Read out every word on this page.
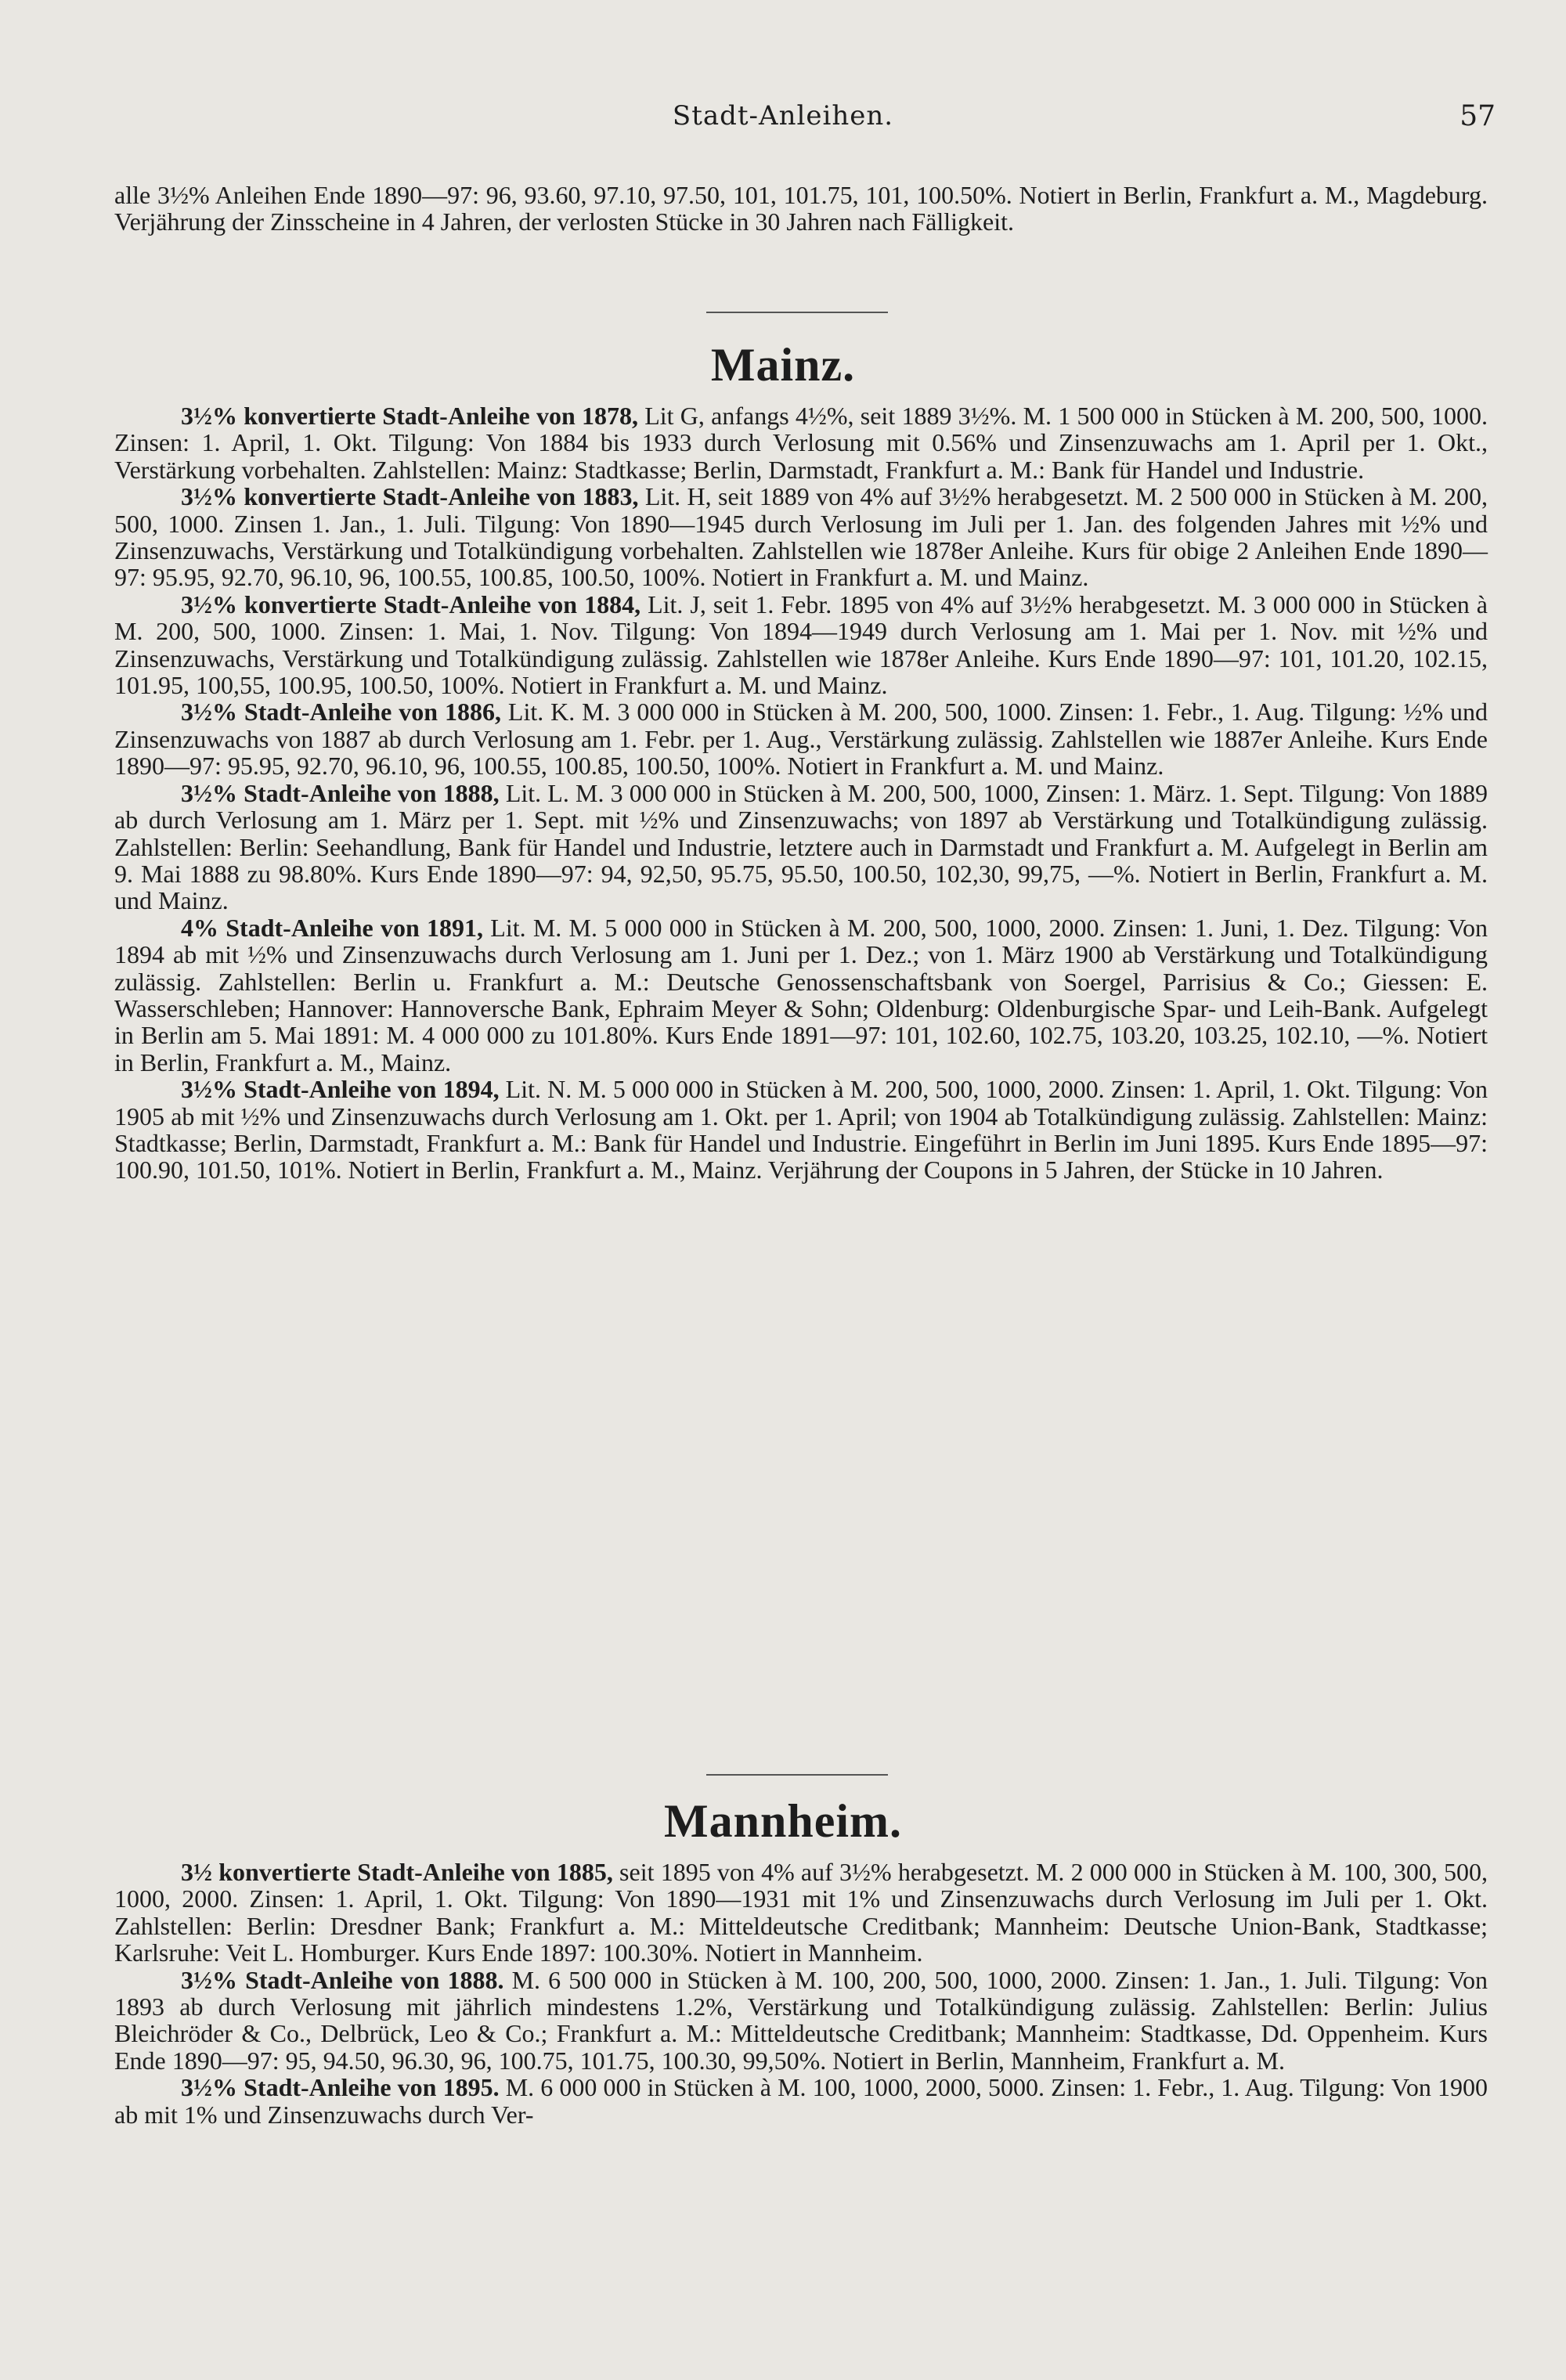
Stadt-Anleihen.	57

alle 3½% Anleihen Ende 1890—97: 96, 93.60, 97.10, 97.50, 101, 101.75, 101, 100.50%. Notiert in Berlin, Frankfurt a. M., Magdeburg. Verjährung der Zinsscheine in 4 Jahren, der verlosten Stücke in 30 Jahren nach Fälligkeit.

Mainz.

3½% konvertierte Stadt-Anleihe von 1878, Lit G, anfangs 4½%, seit 1889 3½%. M. 1 500 000 in Stücken à M. 200, 500, 1000. Zinsen: 1. April, 1. Okt. Tilgung: Von 1884 bis 1933 durch Verlosung mit 0.56% und Zinsenzuwachs am 1. April per 1. Okt., Verstärkung vorbehalten. Zahlstellen: Mainz: Stadtkasse; Berlin, Darmstadt, Frankfurt a. M.: Bank für Handel und Industrie.

3½% konvertierte Stadt-Anleihe von 1883, Lit. H, seit 1889 von 4% auf 3½% herabgesetzt. M. 2 500 000 in Stücken à M. 200, 500, 1000. Zinsen 1. Jan., 1. Juli. Tilgung: Von 1890—1945 durch Verlosung im Juli per 1. Jan. des folgenden Jahres mit ½% und Zinsenzuwachs, Verstärkung und Totalkündigung vorbehalten. Zahlstellen wie 1878er Anleihe. Kurs für obige 2 Anleihen Ende 1890—97: 95.95, 92.70, 96.10, 96, 100.55, 100.85, 100.50, 100%. Notiert in Frankfurt a. M. und Mainz.

3½% konvertierte Stadt-Anleihe von 1884, Lit. J, seit 1. Febr. 1895 von 4% auf 3½% herabgesetzt. M. 3 000 000 in Stücken à M. 200, 500, 1000. Zinsen: 1. Mai, 1. Nov. Tilgung: Von 1894—1949 durch Verlosung am 1. Mai per 1. Nov. mit ½% und Zinsenzuwachs, Verstärkung und Totalkündigung zulässig. Zahlstellen wie 1878er Anleihe. Kurs Ende 1890—97: 101, 101.20, 102.15, 101.95, 100,55, 100.95, 100.50, 100%. Notiert in Frankfurt a. M. und Mainz.

3½% Stadt-Anleihe von 1886, Lit. K. M. 3 000 000 in Stücken à M. 200, 500, 1000. Zinsen: 1. Febr., 1. Aug. Tilgung: ½% und Zinsenzuwachs von 1887 ab durch Verlosung am 1. Febr. per 1. Aug., Verstärkung zulässig. Zahlstellen wie 1887er Anleihe. Kurs Ende 1890—97: 95.95, 92.70, 96.10, 96, 100.55, 100.85, 100.50, 100%. Notiert in Frankfurt a. M. und Mainz.

3½% Stadt-Anleihe von 1888, Lit. L. M. 3 000 000 in Stücken à M. 200, 500, 1000, Zinsen: 1. März. 1. Sept. Tilgung: Von 1889 ab durch Verlosung am 1. März per 1. Sept. mit ½% und Zinsenzuwachs; von 1897 ab Verstärkung und Totalkündigung zulässig. Zahlstellen: Berlin: Seehandlung, Bank für Handel und Industrie, letztere auch in Darmstadt und Frankfurt a. M. Aufgelegt in Berlin am 9. Mai 1888 zu 98.80%. Kurs Ende 1890—97: 94, 92,50, 95.75, 95.50, 100.50, 102,30, 99,75, —%. Notiert in Berlin, Frankfurt a. M. und Mainz.

4% Stadt-Anleihe von 1891, Lit. M. M. 5 000 000 in Stücken à M. 200, 500, 1000, 2000. Zinsen: 1. Juni, 1. Dez. Tilgung: Von 1894 ab mit ½% und Zinsenzuwachs durch Verlosung am 1. Juni per 1. Dez.; von 1. März 1900 ab Verstärkung und Totalkündigung zulässig. Zahlstellen: Berlin u. Frankfurt a. M.: Deutsche Genossenschaftsbank von Soergel, Parrisius & Co.; Giessen: E. Wasserschleben; Hannover: Hannoversche Bank, Ephraim Meyer & Sohn; Oldenburg: Oldenburgische Spar- und Leih-Bank. Aufgelegt in Berlin am 5. Mai 1891: M. 4 000 000 zu 101.80%. Kurs Ende 1891—97: 101, 102.60, 102.75, 103.20, 103.25, 102.10, —%. Notiert in Berlin, Frankfurt a. M., Mainz.

3½% Stadt-Anleihe von 1894, Lit. N. M. 5 000 000 in Stücken à M. 200, 500, 1000, 2000. Zinsen: 1. April, 1. Okt. Tilgung: Von 1905 ab mit ½% und Zinsenzuwachs durch Verlosung am 1. Okt. per 1. April; von 1904 ab Totalkündigung zulässig. Zahlstellen: Mainz: Stadtkasse; Berlin, Darmstadt, Frankfurt a. M.: Bank für Handel und Industrie. Eingeführt in Berlin im Juni 1895. Kurs Ende 1895—97: 100.90, 101.50, 101%. Notiert in Berlin, Frankfurt a. M., Mainz. Verjährung der Coupons in 5 Jahren, der Stücke in 10 Jahren.

Mannheim.

3½ konvertierte Stadt-Anleihe von 1885, seit 1895 von 4% auf 3½% herabgesetzt. M. 2 000 000 in Stücken à M. 100, 300, 500, 1000, 2000. Zinsen: 1. April, 1. Okt. Tilgung: Von 1890—1931 mit 1% und Zinsenzuwachs durch Verlosung im Juli per 1. Okt. Zahlstellen: Berlin: Dresdner Bank; Frankfurt a. M.: Mitteldeutsche Creditbank; Mannheim: Deutsche Union-Bank, Stadtkasse; Karlsruhe: Veit L. Homburger. Kurs Ende 1897: 100.30%. Notiert in Mannheim.

3½% Stadt-Anleihe von 1888. M. 6 500 000 in Stücken à M. 100, 200, 500, 1000, 2000. Zinsen: 1. Jan., 1. Juli. Tilgung: Von 1893 ab durch Verlosung mit jährlich mindestens 1.2%, Verstärkung und Totalkündigung zulässig. Zahlstellen: Berlin: Julius Bleichröder & Co., Delbrück, Leo & Co.; Frankfurt a. M.: Mitteldeutsche Creditbank; Mannheim: Stadtkasse, Dd. Oppenheim. Kurs Ende 1890—97: 95, 94.50, 96.30, 96, 100.75, 101.75, 100.30, 99,50%. Notiert in Berlin, Mannheim, Frankfurt a. M.

3½% Stadt-Anleihe von 1895. M. 6 000 000 in Stücken à M. 100, 1000, 2000, 5000. Zinsen: 1. Febr., 1. Aug. Tilgung: Von 1900 ab mit 1% und Zinsenzuwachs durch Ver-
